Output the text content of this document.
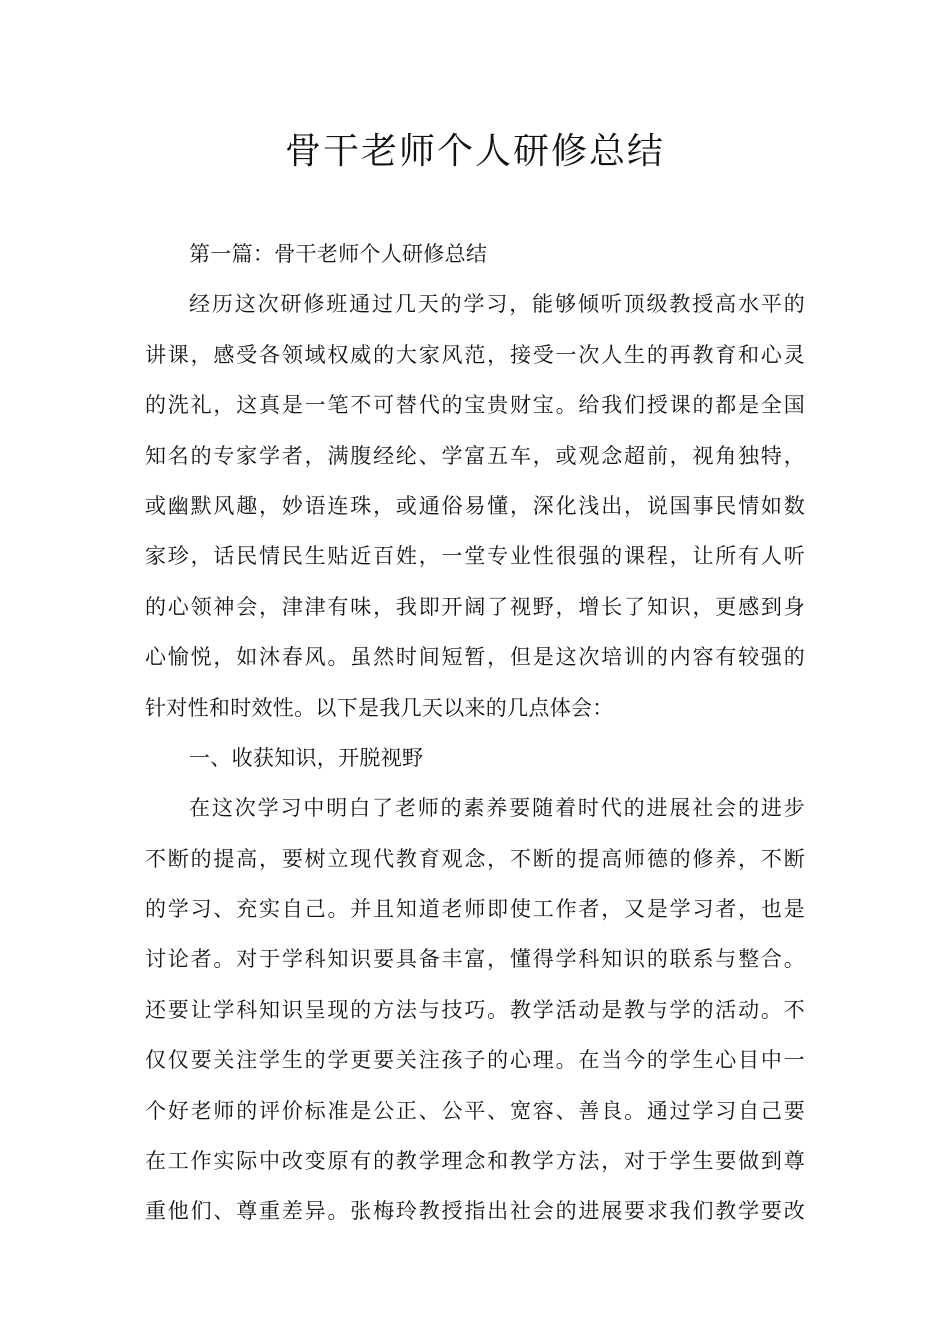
骨干老师个人研修总结
第一篇：骨干老师个人研修总结
经历这次研修班通过几天的学习，能够倾听顶级教授高水平的
讲课，感受各领域权威的大家风范，接受一次人生的再教育和心灵
的洗礼，这真是一笔不可替代的宝贵财宝。给我们授课的都是全国
知名的专家学者，满腹经纶、学富五车，或观念超前，视角独特，
或幽默风趣，妙语连珠，或通俗易懂，深化浅出，说国事民情如数
家珍，话民情民生贴近百姓，一堂专业性很强的课程，让所有人听
的心领神会，津津有味，我即开阔了视野，增长了知识，更感到身
心愉悦，如沐春风。虽然时间短暂，但是这次培训的内容有较强的
针对性和时效性。以下是我几天以来的几点体会：
一、收获知识，开脱视野
在这次学习中明白了老师的素养要随着时代的进展社会的进步
不断的提高，要树立现代教育观念，不断的提高师德的修养，不断
的学习、充实自己。并且知道老师即使工作者，又是学习者，也是
讨论者。对于学科知识要具备丰富，懂得学科知识的联系与整合。
还要让学科知识呈现的方法与技巧。教学活动是教与学的活动。不
仅仅要关注学生的学更要关注孩子的心理。在当今的学生心目中一
个好老师的评价标准是公正、公平、宽容、善良。通过学习自己要
在工作实际中改变原有的教学理念和教学方法，对于学生要做到尊
重他们、尊重差异。张梅玲教授指出社会的进展要求我们教学要改
